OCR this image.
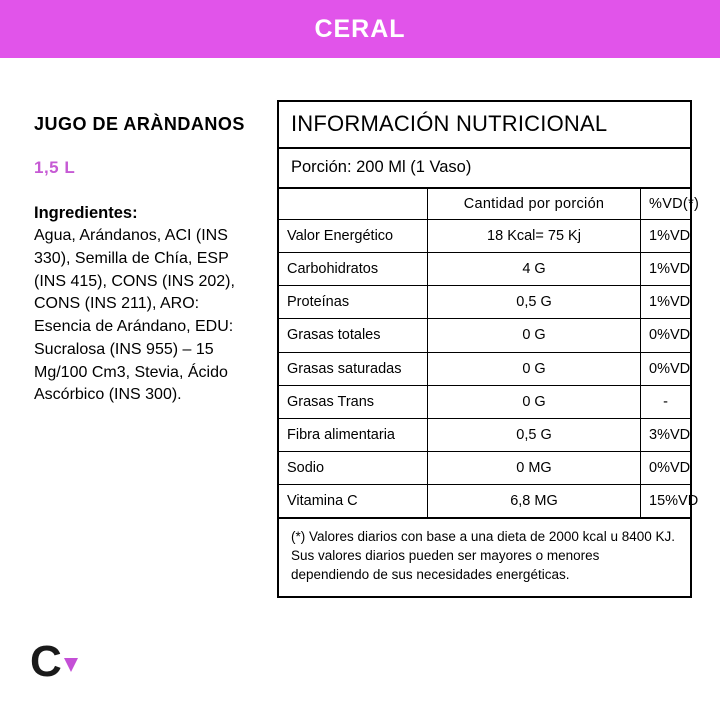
CERAL
JUGO DE ARÀNDANOS
1,5 L
Ingredientes:
Agua, Arándanos, ACI (INS 330), Semilla de Chía, ESP (INS 415), CONS (INS 202), CONS (INS 211), ARO: Esencia de Arándano, EDU: Sucralosa (INS 955) – 15 Mg/100 Cm3, Stevia, Ácido Ascórbico (INS 300).
C
INFORMACIÓN NUTRICIONAL
Porción: 200 Ml (1 Vaso)
	Cantidad por porción	%VD(*)
Valor Energético	18 Kcal= 75 Kj	1%VD
Carbohidratos	4 G	1%VD
Proteínas	0,5 G	1%VD
Grasas totales	0 G	0%VD
Grasas saturadas	0 G	0%VD
Grasas Trans	0 G	-
Fibra alimentaria	0,5 G	3%VD
Sodio	0 MG	0%VD
Vitamina C	6,8 MG	15%VD
(*) Valores diarios con base a una dieta de 2000 kcal u 8400 KJ. Sus valores diarios pueden ser mayores o menores dependiendo de sus necesidades energéticas.
